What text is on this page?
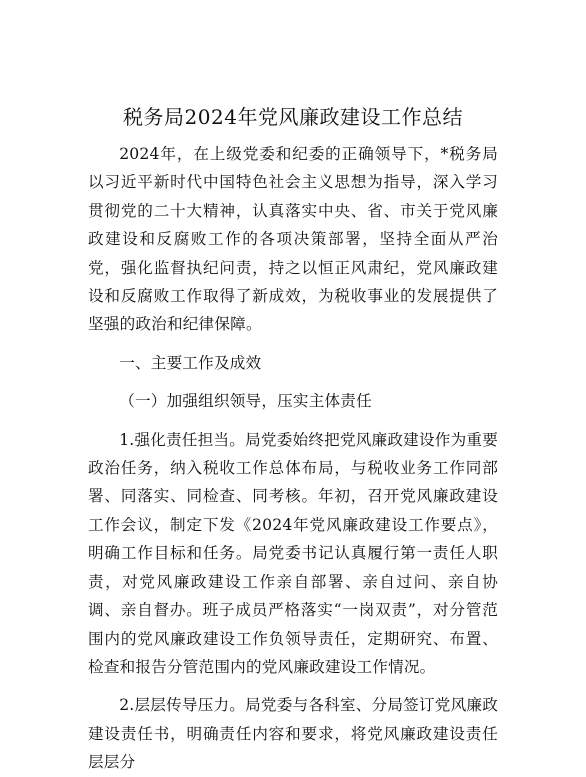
税务局2024年党风廉政建设工作总结

2024年，在上级党委和纪委的正确领导下，*税务局以习近平新时代中国特色社会主义思想为指导，深入学习贯彻党的二十大精神，认真落实中央、省、市关于党风廉政建设和反腐败工作的各项决策部署，坚持全面从严治党，强化监督执纪问责，持之以恒正风肃纪，党风廉政建设和反腐败工作取得了新成效，为税收事业的发展提供了坚强的政治和纪律保障。

一、主要工作及成效

（一）加强组织领导，压实主体责任

1.强化责任担当。局党委始终把党风廉政建设作为重要政治任务，纳入税收工作总体布局，与税收业务工作同部署、同落实、同检查、同考核。年初，召开党风廉政建设工作会议，制定下发《2024年党风廉政建设工作要点》，明确工作目标和任务。局党委书记认真履行第一责任人职责，对党风廉政建设工作亲自部署、亲自过问、亲自协调、亲自督办。班子成员严格落实“一岗双责”，对分管范围内的党风廉政建设工作负领导责任，定期研究、布置、检查和报告分管范围内的党风廉政建设工作情况。

2.层层传导压力。局党委与各科室、分局签订党风廉政建设责任书，明确责任内容和要求，将党风廉政建设责任层层分
